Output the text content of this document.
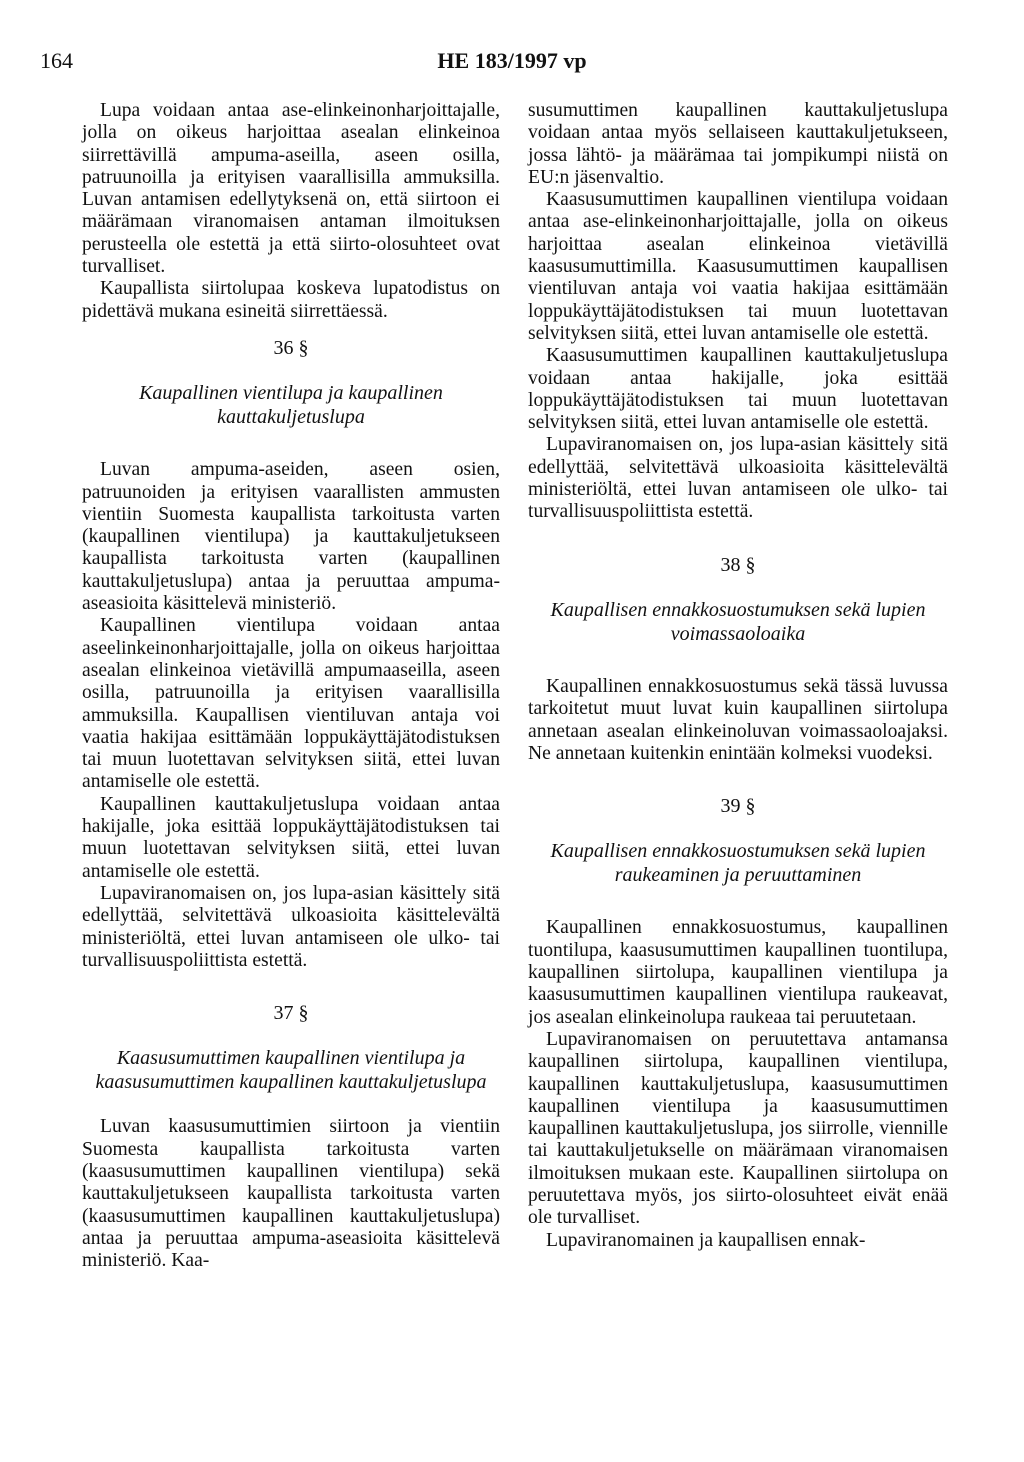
164	HE 183/1997 vp

Lupa voidaan antaa ase-elinkeinonharjoittajalle, jolla on oikeus harjoittaa asealan elinkeinoa siirrettävillä ampuma-aseilla, aseen osilla, patruunoilla ja erityisen vaarallisilla ammuksilla. Luvan antamisen edellytyksenä on, että siirtoon ei määrämaan viranomaisen antaman ilmoituksen perusteella ole estettä ja että siirto-olosuhteet ovat turvalliset.

Kaupallista siirtolupaa koskeva lupatodistus on pidettävä mukana esineitä siirrettäessä.

36 §
Kaupallinen vientilupa ja kaupallinen kauttakuljetuslupa

Luvan ampuma-aseiden, aseen osien, patruunoiden ja erityisen vaarallisten ammusten vientiin Suomesta kaupallista tarkoitusta varten (kaupallinen vientilupa) ja kauttakuljetukseen kaupallista tarkoitusta varten (kaupallinen kauttakuljetuslupa) antaa ja peruuttaa ampuma-aseasioita käsittelevä ministeriö.

Kaupallinen vientilupa voidaan antaa aseelinkeinonharjoittajalle, jolla on oikeus harjoittaa asealan elinkeinoa vietävillä ampumaaseilla, aseen osilla, patruunoilla ja erityisen vaarallisilla ammuksilla. Kaupallisen vientiluvan antaja voi vaatia hakijaa esittämään loppukäyttäjätodistuksen tai muun luotettavan selvityksen siitä, ettei luvan antamiselle ole estettä.

Kaupallinen kauttakuljetuslupa voidaan antaa hakijalle, joka esittää loppukäyttäjätodistuksen tai muun luotettavan selvityksen siitä, ettei luvan antamiselle ole estettä.

Lupaviranomaisen on, jos lupa-asian käsittely sitä edellyttää, selvitettävä ulkoasioita käsittelevältä ministeriöltä, ettei luvan antamiseen ole ulko- tai turvallisuuspoliittista estettä.

37 §
Kaasusumuttimen kaupallinen vientilupa ja kaasusumuttimen kaupallinen kauttakuljetuslupa

Luvan kaasusumuttimien siirtoon ja vientiin Suomesta kaupallista tarkoitusta varten (kaasusumuttimen kaupallinen vientilupa) sekä kauttakuljetukseen kaupallista tarkoitusta varten (kaasusumuttimen kaupallinen kauttakuljetuslupa) antaa ja peruuttaa ampuma-aseasioita käsittelevä ministeriö. Kaa-

susumuttimen kaupallinen kauttakuljetuslupa voidaan antaa myös sellaiseen kauttakuljetukseen, jossa lähtö- ja määrämaa tai jompikumpi niistä on EU:n jäsenvaltio.

Kaasusumuttimen kaupallinen vientilupa voidaan antaa ase-elinkeinonharjoittajalle, jolla on oikeus harjoittaa asealan elinkeinoa vietävillä kaasusumuttimilla. Kaasusumuttimen kaupallisen vientiluvan antaja voi vaatia hakijaa esittämään loppukäyttäjätodistuksen tai muun luotettavan selvityksen siitä, ettei luvan antamiselle ole estettä.

Kaasusumuttimen kaupallinen kauttakuljetuslupa voidaan antaa hakijalle, joka esittää loppukäyttäjätodistuksen tai muun luotettavan selvityksen siitä, ettei luvan antamiselle ole estettä.

Lupaviranomaisen on, jos lupa-asian käsittely sitä edellyttää, selvitettävä ulkoasioita käsittelevältä ministeriöltä, ettei luvan antamiseen ole ulko- tai turvallisuuspoliittista estettä.

38 §
Kaupallisen ennakkosuostumuksen sekä lupien voimassaoloaika

Kaupallinen ennakkosuostumus sekä tässä luvussa tarkoitetut muut luvat kuin kaupallinen siirtolupa annetaan asealan elinkeinoluvan voimassaoloajaksi. Ne annetaan kuitenkin enintään kolmeksi vuodeksi.

39 §
Kaupallisen ennakkosuostumuksen sekä lupien raukeaminen ja peruuttaminen

Kaupallinen ennakkosuostumus, kaupallinen tuontilupa, kaasusumuttimen kaupallinen tuontilupa, kaupallinen siirtolupa, kaupallinen vientilupa ja kaasusumuttimen kaupallinen vientilupa raukeavat, jos asealan elinkeinolupa raukeaa tai peruutetaan.

Lupaviranomaisen on peruutettava antamansa kaupallinen siirtolupa, kaupallinen vientilupa, kaupallinen kauttakuljetuslupa, kaasusumuttimen kaupallinen vientilupa ja kaasusumuttimen kaupallinen kauttakuljetuslupa, jos siirrolle, viennille tai kauttakuljetukselle on määrämaan viranomaisen ilmoituksen mukaan este. Kaupallinen siirtolupa on peruutettava myös, jos siirto-olosuhteet eivät enää ole turvalliset.

Lupaviranomainen ja kaupallisen ennak-
